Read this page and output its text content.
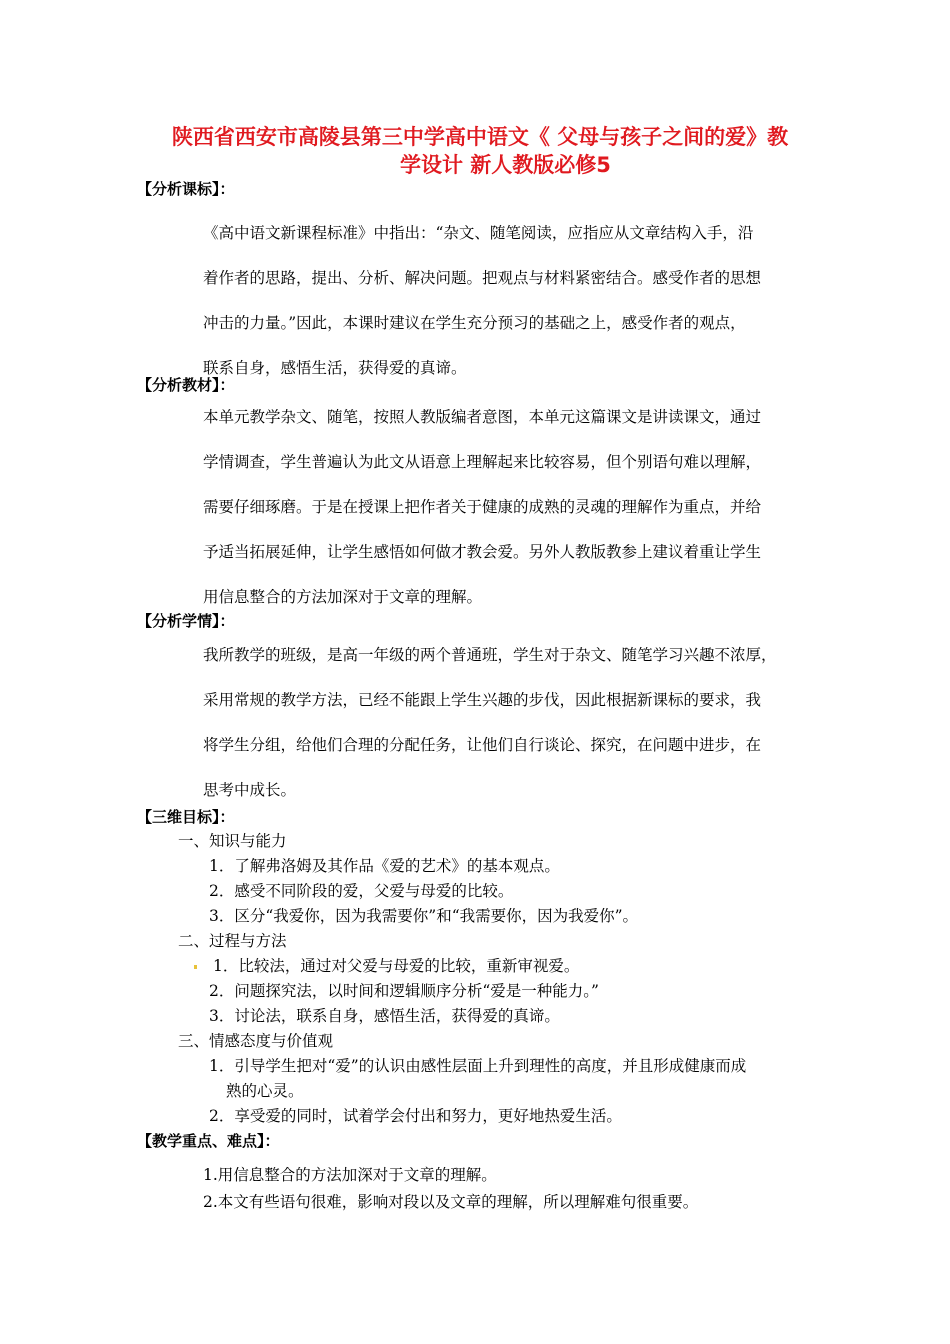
陕西省西安市高陵县第三中学高中语文《 父母与孩子之间的爱》教
学设计 新人教版必修5
【分析课标】：
《高中语文新课程标准》中指出：“杂文、随笔阅读，应指应从文章结构入手，沿
着作者的思路，提出、分析、解决问题。把观点与材料紧密结合。感受作者的思想
冲击的力量。”因此，本课时建议在学生充分预习的基础之上，感受作者的观点，
联系自身，感悟生活，获得爱的真谛。
【分析教材】：
本单元教学杂文、随笔，按照人教版编者意图，本单元这篇课文是讲读课文，通过
学情调查，学生普遍认为此文从语意上理解起来比较容易，但个别语句难以理解，
需要仔细琢磨。于是在授课上把作者关于健康的成熟的灵魂的理解作为重点，并给
予适当拓展延伸，让学生感悟如何做才教会爱。另外人教版教参上建议着重让学生
用信息整合的方法加深对于文章的理解。
【分析学情】：
我所教学的班级，是高一年级的两个普通班，学生对于杂文、随笔学习兴趣不浓厚，
采用常规的教学方法，已经不能跟上学生兴趣的步伐，因此根据新课标的要求，我
将学生分组，给他们合理的分配任务，让他们自行谈论、探究，在问题中进步，在
思考中成长。
【三维目标】：
一、知识与能力
1．了解弗洛姆及其作品《爱的艺术》的基本观点。
2．感受不同阶段的爱，父爱与母爱的比较。
3．区分“我爱你，因为我需要你”和“我需要你，因为我爱你”。
二、过程与方法
1．比较法，通过对父爱与母爱的比较，重新审视爱。
2．问题探究法，以时间和逻辑顺序分析“爱是一种能力。”
3．讨论法，联系自身，感悟生活，获得爱的真谛。
三、情感态度与价值观
1．引导学生把对“爱”的认识由感性层面上升到理性的高度，并且形成健康而成
熟的心灵。
2．享受爱的同时，试着学会付出和努力，更好地热爱生活。
【教学重点、难点】：
1.用信息整合的方法加深对于文章的理解。
2.本文有些语句很难，影响对段以及文章的理解，所以理解难句很重要。
